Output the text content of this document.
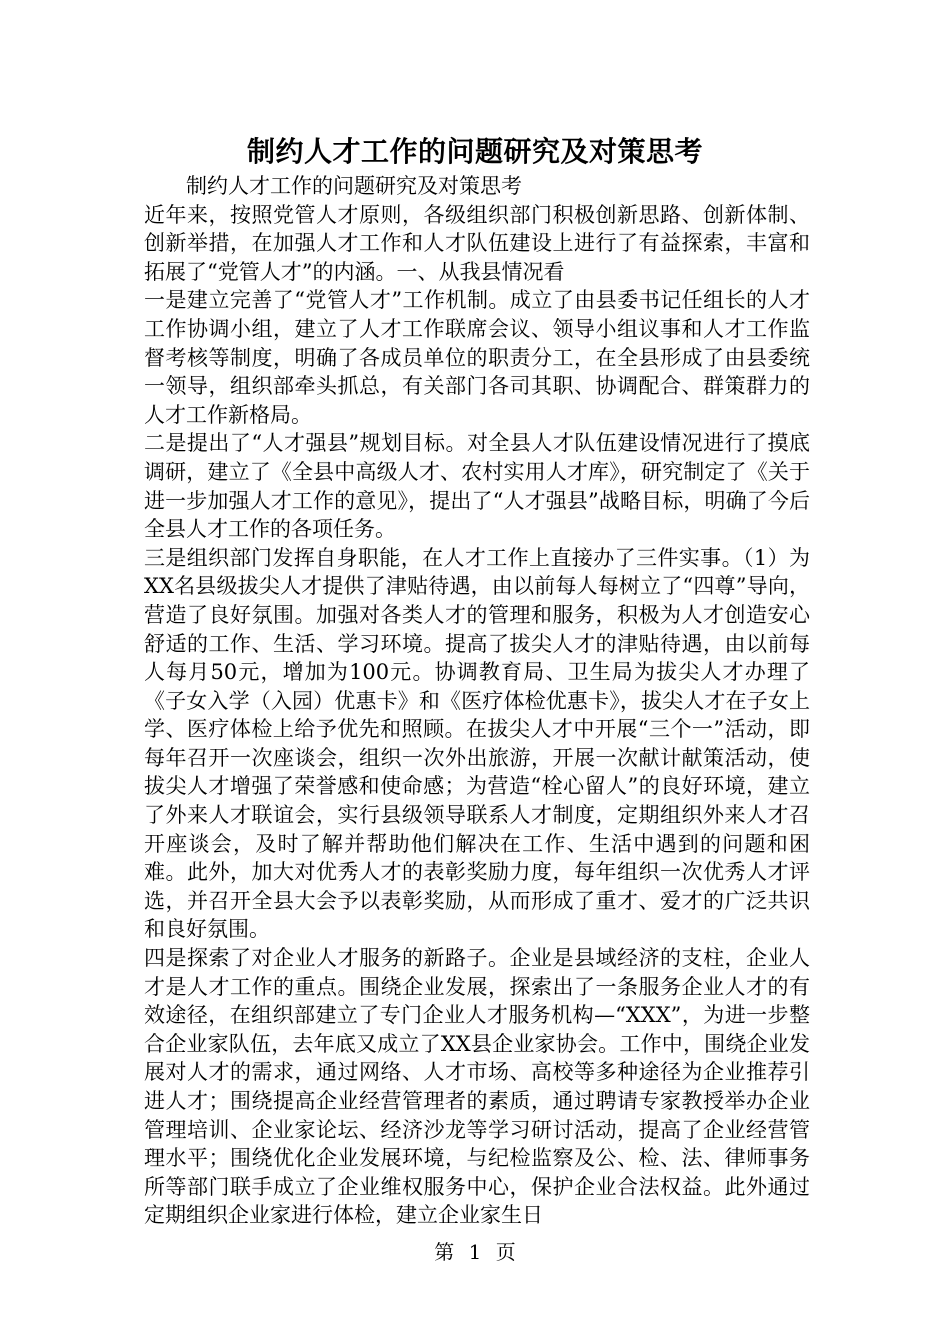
制约人才工作的问题研究及对策思考

制约人才工作的问题研究及对策思考

近年来，按照党管人才原则，各级组织部门积极创新思路、创新体制、创新举措，在加强人才工作和人才队伍建设上进行了有益探索，丰富和拓展了“党管人才”的内涵。一、从我县情况看

一是建立完善了“党管人才”工作机制。成立了由县委书记任组长的人才工作协调小组，建立了人才工作联席会议、领导小组议事和人才工作监督考核等制度，明确了各成员单位的职责分工，在全县形成了由县委统一领导，组织部牵头抓总，有关部门各司其职、协调配合、群策群力的人才工作新格局。

二是提出了“人才强县”规划目标。对全县人才队伍建设情况进行了摸底调研，建立了《全县中高级人才、农村实用人才库》，研究制定了《关于进一步加强人才工作的意见》，提出了“人才强县”战略目标，明确了今后全县人才工作的各项任务。

三是组织部门发挥自身职能，在人才工作上直接办了三件实事。（1）为XX名县级拔尖人才提供了津贴待遇，由以前每人每树立了“四尊”导向，营造了良好氛围。加强对各类人才的管理和服务，积极为人才创造安心舒适的工作、生活、学习环境。提高了拔尖人才的津贴待遇，由以前每人每月50元，增加为100元。协调教育局、卫生局为拔尖人才办理了《子女入学（入园）优惠卡》和《医疗体检优惠卡》，拔尖人才在子女上学、医疗体检上给予优先和照顾。在拔尖人才中开展“三个一”活动，即每年召开一次座谈会，组织一次外出旅游，开展一次献计献策活动，使拔尖人才增强了荣誉感和使命感；为营造“栓心留人”的良好环境，建立了外来人才联谊会，实行县级领导联系人才制度，定期组织外来人才召开座谈会，及时了解并帮助他们解决在工作、生活中遇到的问题和困难。此外，加大对优秀人才的表彰奖励力度，每年组织一次优秀人才评选，并召开全县大会予以表彰奖励，从而形成了重才、爱才的广泛共识和良好氛围。

四是探索了对企业人才服务的新路子。企业是县域经济的支柱，企业人才是人才工作的重点。围绕企业发展，探索出了一条服务企业人才的有效途径，在组织部建立了专门企业人才服务机构—“XXX”，为进一步整合企业家队伍，去年底又成立了XX县企业家协会。工作中，围绕企业发展对人才的需求，通过网络、人才市场、高校等多种途径为企业推荐引进人才；围绕提高企业经营管理者的素质，通过聘请专家教授举办企业管理培训、企业家论坛、经济沙龙等学习研讨活动，提高了企业经营管理水平；围绕优化企业发展环境，与纪检监察及公、检、法、律师事务所等部门联手成立了企业维权服务中心，保护企业合法权益。此外通过定期组织企业家进行体检，建立企业家生日

第 1 页
